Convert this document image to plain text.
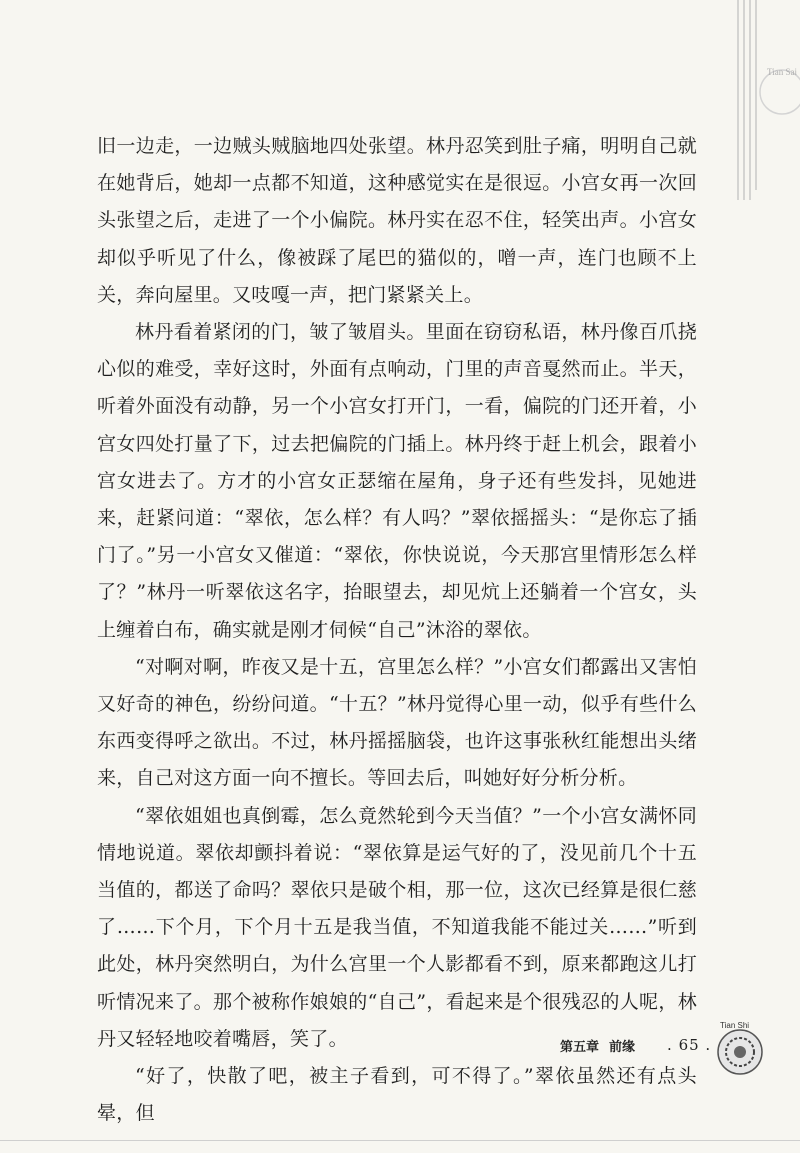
Tian Sai

旧一边走，一边贼头贼脑地四处张望。林丹忍笑到肚子痛，明明自己就在她背后，她却一点都不知道，这种感觉实在是很逗。小宫女再一次回头张望之后，走进了一个小偏院。林丹实在忍不住，轻笑出声。小宫女却似乎听见了什么，像被踩了尾巴的猫似的，噌一声，连门也顾不上关，奔向屋里。又吱嘎一声，把门紧紧关上。

林丹看着紧闭的门，皱了皱眉头。里面在窃窃私语，林丹像百爪挠心似的难受，幸好这时，外面有点响动，门里的声音戛然而止。半天，听着外面没有动静，另一个小宫女打开门，一看，偏院的门还开着，小宫女四处打量了下，过去把偏院的门插上。林丹终于赶上机会，跟着小宫女进去了。方才的小宫女正瑟缩在屋角，身子还有些发抖，见她进来，赶紧问道：“翠依，怎么样？有人吗？”翠依摇摇头：“是你忘了插门了。”另一小宫女又催道：“翠依，你快说说，今天那宫里情形怎么样了？”林丹一听翠依这名字，抬眼望去，却见炕上还躺着一个宫女，头上缠着白布，确实就是刚才伺候“自己”沐浴的翠依。

“对啊对啊，昨夜又是十五，宫里怎么样？”小宫女们都露出又害怕又好奇的神色，纷纷问道。“十五？”林丹觉得心里一动，似乎有些什么东西变得呼之欲出。不过，林丹摇摇脑袋，也许这事张秋红能想出头绪来，自己对这方面一向不擅长。等回去后，叫她好好分析分析。

“翠依姐姐也真倒霉，怎么竟然轮到今天当值？”一个小宫女满怀同情地说道。翠依却颤抖着说：“翠依算是运气好的了，没见前几个十五当值的，都送了命吗？翠依只是破个相，那一位，这次已经算是很仁慈了……下个月，下个月十五是我当值，不知道我能不能过关……”听到此处，林丹突然明白，为什么宫里一个人影都看不到，原来都跑这儿打听情况来了。那个被称作娘娘的“自己”，看起来是个很残忍的人呢，林丹又轻轻地咬着嘴唇，笑了。

“好了，快散了吧，被主子看到，可不得了。”翠依虽然还有点头晕，但

第五章 前缘 . 65 .
Tian Shi
